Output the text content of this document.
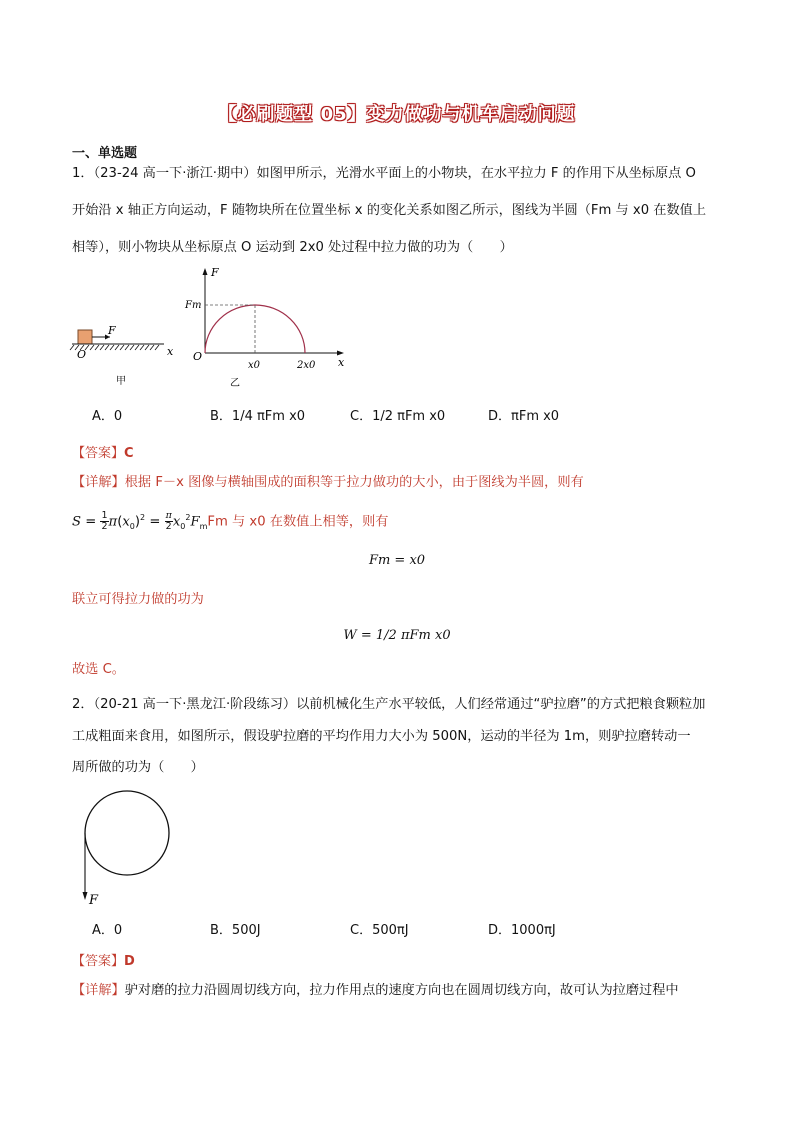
【必刷题型 05】变力做功与机车启动问题
一、单选题
1．（23-24 高一下·浙江·期中）如图甲所示，光滑水平面上的小物块，在水平拉力 F 的作用下从坐标原点 O
开始沿 x 轴正方向运动，F 随物块所在位置坐标 x 的变化关系如图乙所示，图线为半圆（Fm 与 x0 在数值上
相等），则小物块从坐标原点 O 运动到 2x0 处过程中拉力做的功为（　　）
F
O	x
甲
F
Fm
O
x0	2x0 x
乙
A．0	B．1/4 πFm x0	C．1/2 πFm x0	D．πFm x0
【答案】C
【详解】根据 F－x 图像与横轴围成的面积等于拉力做功的大小，由于图线为半圆，则有
$S = \frac{1}{2} \pi(x_0)^2 = \frac{\pi}{2} x_0^2F_mFm$ 与 x0 在数值上相等，则有
Fm = x0
联立可得拉力做的功为
W = 1/2 πFm x0
故选 C。
2．（20-21 高一下·黑龙江·阶段练习）以前机械化生产水平较低，人们经常通过“驴拉磨”的方式把粮食颗粒加
工成粗面来食用，如图所示，假设驴拉磨的平均作用力大小为 500N，运动的半径为 1m，则驴拉磨转动一
周所做的功为（　　）
F
A．0	B．500J	C．500πJ	D．1000πJ
【答案】D
【详解】驴对磨的拉力沿圆周切线方向，拉力作用点的速度方向也在圆周切线方向，故可认为拉磨过程中
